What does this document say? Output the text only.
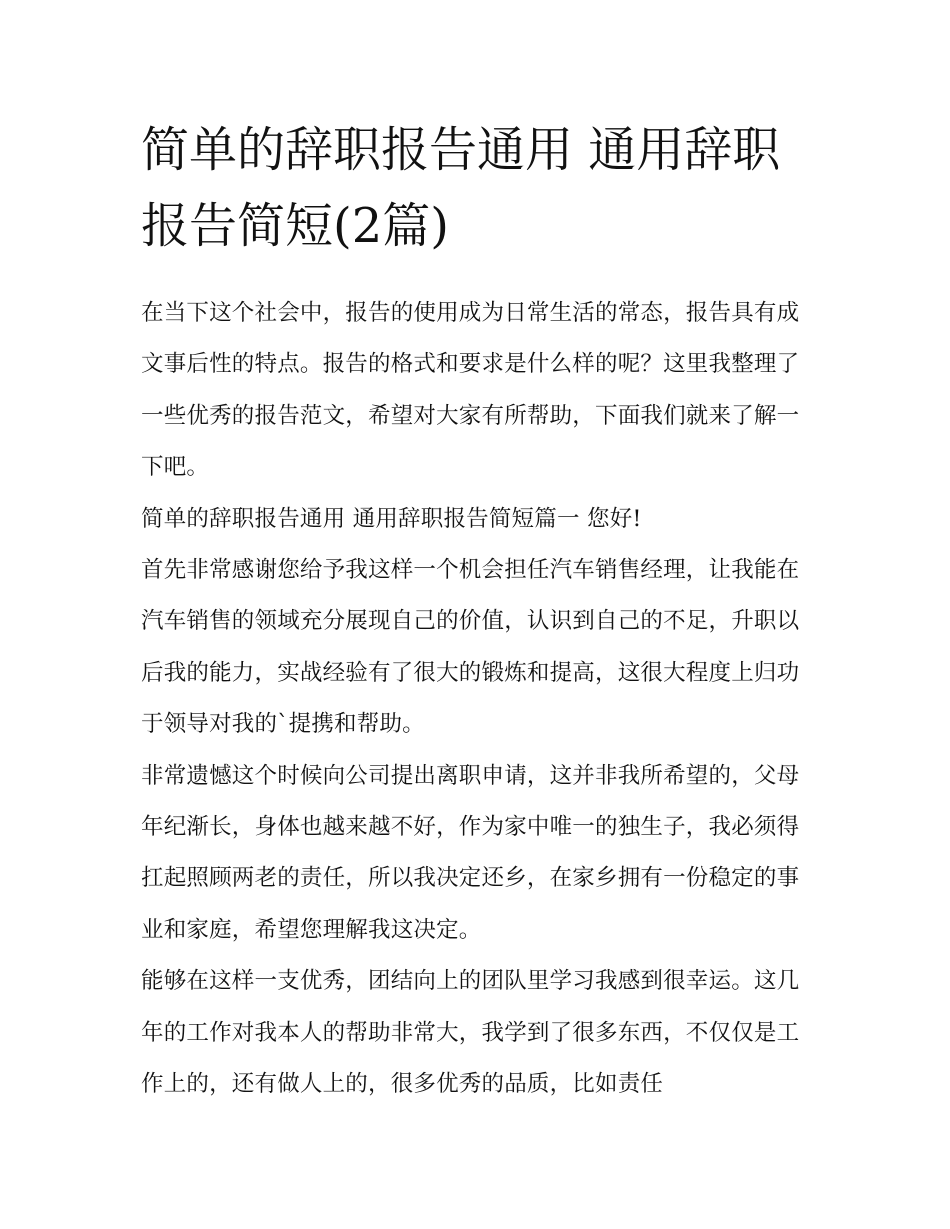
简单的辞职报告通用 通用辞职报告简短(2篇)

在当下这个社会中，报告的使用成为日常生活的常态，报告具有成文事后性的特点。报告的格式和要求是什么样的呢？这里我整理了一些优秀的报告范文，希望对大家有所帮助，下面我们就来了解一下吧。

简单的辞职报告通用 通用辞职报告简短篇一 您好!

首先非常感谢您给予我这样一个机会担任汽车销售经理，让我能在汽车销售的领域充分展现自己的价值，认识到自己的不足，升职以后我的能力，实战经验有了很大的锻炼和提高，这很大程度上归功于领导对我的`提携和帮助。

非常遗憾这个时候向公司提出离职申请，这并非我所希望的，父母年纪渐长，身体也越来越不好，作为家中唯一的独生子，我必须得扛起照顾两老的责任，所以我决定还乡，在家乡拥有一份稳定的事业和家庭，希望您理解我这决定。

能够在这样一支优秀，团结向上的团队里学习我感到很幸运。这几年的工作对我本人的帮助非常大，我学到了很多东西，不仅仅是工作上的，还有做人上的，很多优秀的品质，比如责任
